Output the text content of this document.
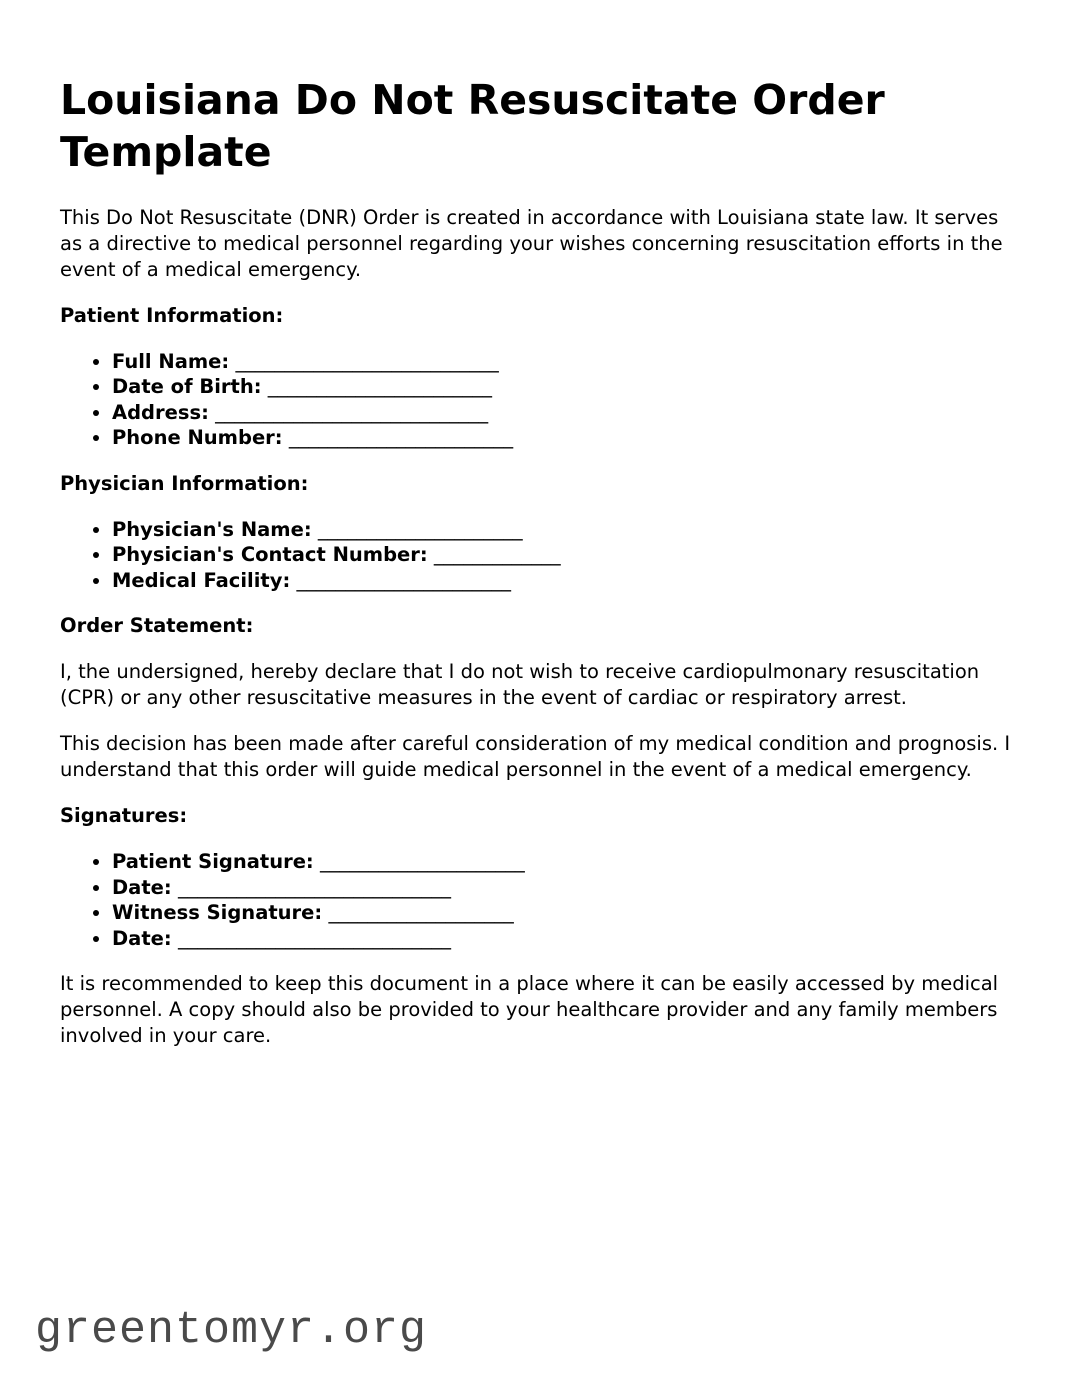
Louisiana Do Not Resuscitate Order Template

This Do Not Resuscitate (DNR) Order is created in accordance with Louisiana state law. It serves as a directive to medical personnel regarding your wishes concerning resuscitation efforts in the event of a medical emergency.

Patient Information:

• Full Name: ___________________________
• Date of Birth: _______________________
• Address: ____________________________
• Phone Number: _______________________

Physician Information:

• Physician's Name: _____________________
• Physician's Contact Number: _____________
• Medical Facility: ______________________

Order Statement:

I, the undersigned, hereby declare that I do not wish to receive cardiopulmonary resuscitation (CPR) or any other resuscitative measures in the event of cardiac or respiratory arrest.

This decision has been made after careful consideration of my medical condition and prognosis. I understand that this order will guide medical personnel in the event of a medical emergency.

Signatures:

• Patient Signature: _____________________
• Date: ____________________________
• Witness Signature: ___________________
• Date: ____________________________

It is recommended to keep this document in a place where it can be easily accessed by medical personnel. A copy should also be provided to your healthcare provider and any family members involved in your care.

greentomyr.org
